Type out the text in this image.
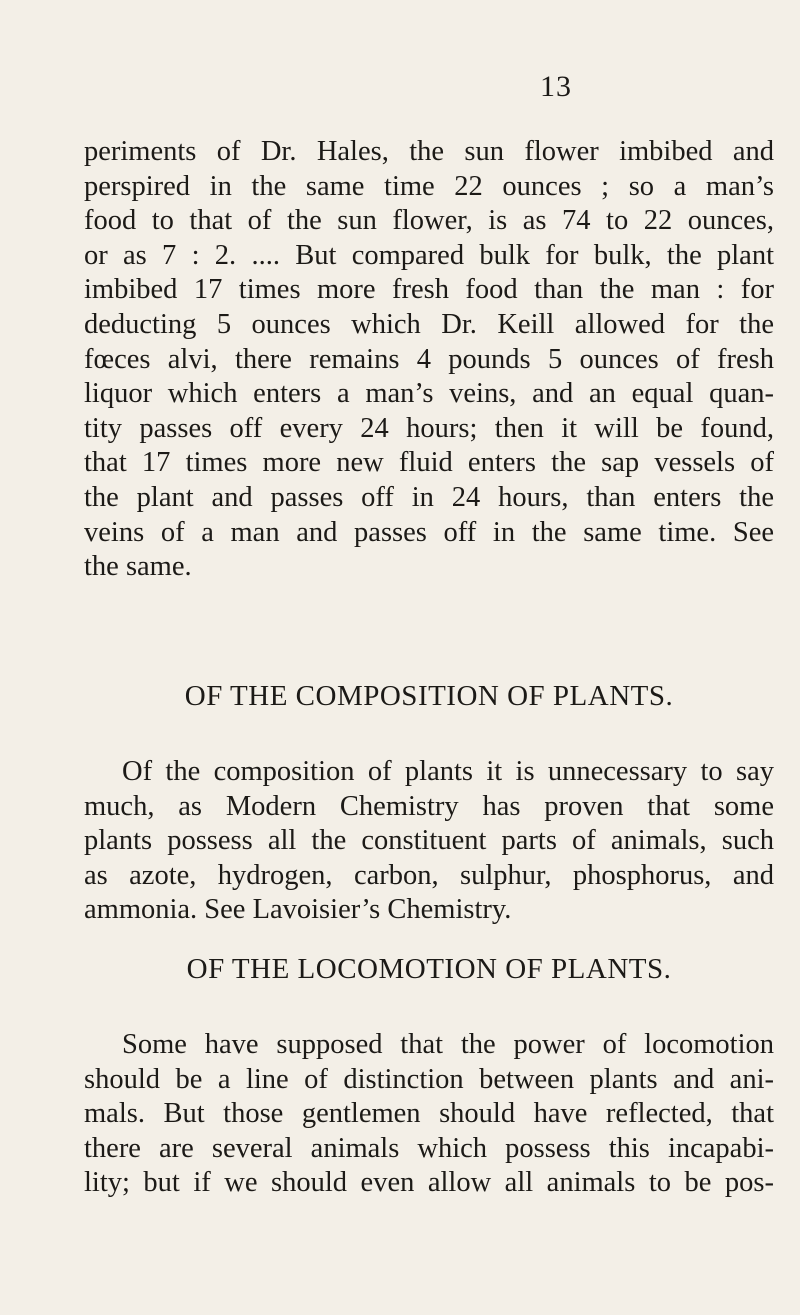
13
periments of Dr. Hales, the sun flower imbibed and
perspired in the same time 22 ounces ; so a man’s
food to that of the sun flower, is as 74 to 22 ounces,
or as 7 : 2. .... But compared bulk for bulk, the plant
imbibed 17 times more fresh food than the man : for
deducting 5 ounces which Dr. Keill allowed for the
fœces alvi, there remains 4 pounds 5 ounces of fresh
liquor which enters a man’s veins, and an equal quan-
tity passes off every 24 hours; then it will be found,
that 17 times more new fluid enters the sap vessels of
the plant and passes off in 24 hours, than enters the
veins of a man and passes off in the same time. See
the same.
OF THE COMPOSITION OF PLANTS.
Of the composition of plants it is unnecessary to say
much, as Modern Chemistry has proven that some
plants possess all the constituent parts of animals, such
as azote, hydrogen, carbon, sulphur, phosphorus, and
ammonia. See Lavoisier’s Chemistry.
OF THE LOCOMOTION OF PLANTS.
Some have supposed that the power of locomotion
should be a line of distinction between plants and ani-
mals. But those gentlemen should have reflected, that
there are several animals which possess this incapabi-
lity; but if we should even allow all animals to be pos-
